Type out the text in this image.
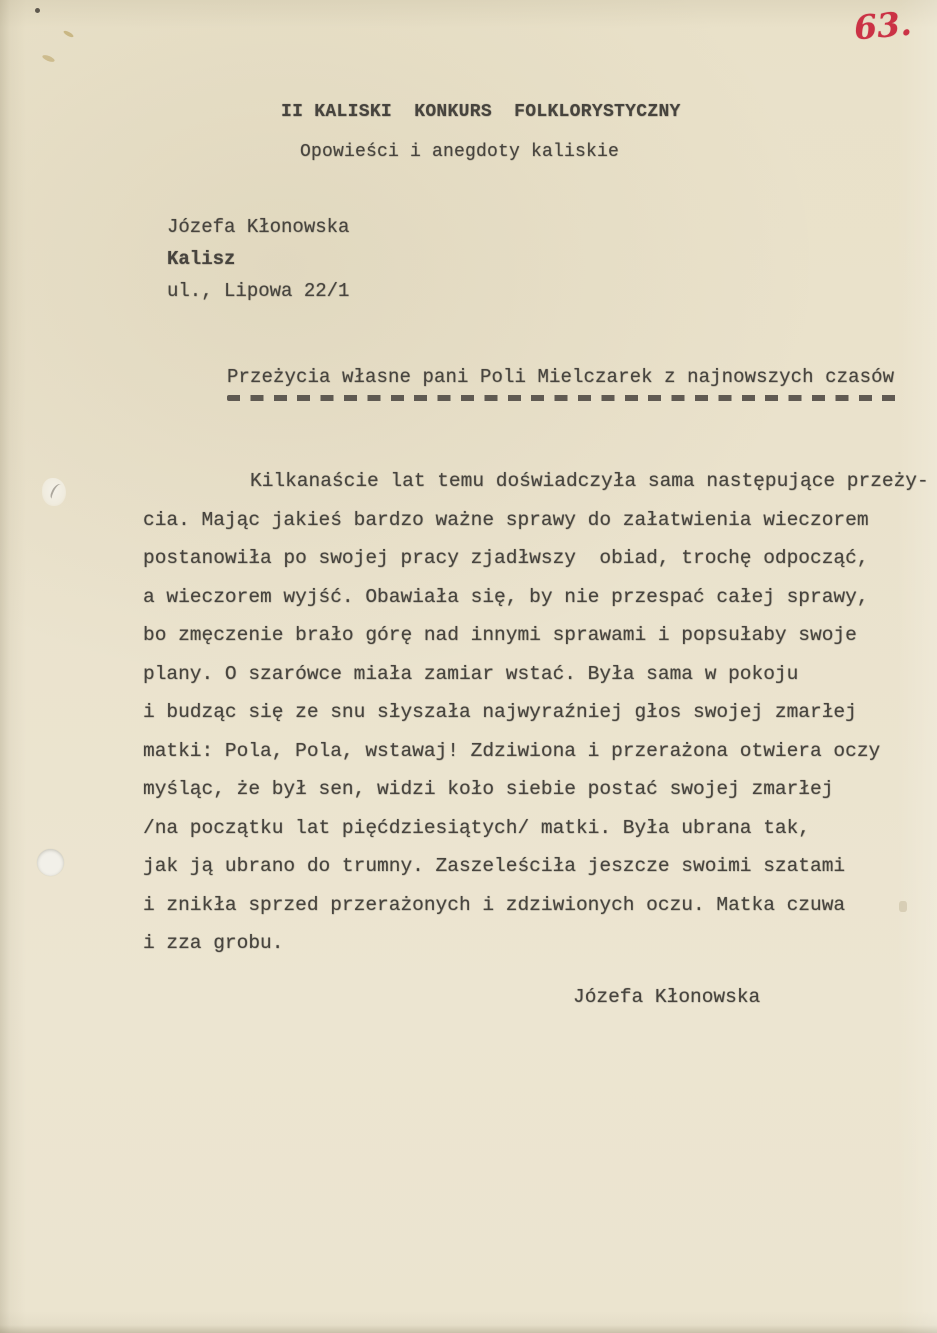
63.
II KALISKI  KONKURS  FOLKLORYSTYCZNY
Opowieści i anegdoty kaliskie
Józefa Kłonowska
Kalisz
ul., Lipowa 22/1
Przeżycia własne pani Poli Mielczarek z najnowszych czasów
Kilkanaście lat temu doświadczyła sama następujące przeży-
cia. Mając jakieś bardzo ważne sprawy do załatwienia wieczorem
postanowiła po swojej pracy zjadłwszy  obiad, trochę odpocząć,
a wieczorem wyjść. Obawiała się, by nie przespać całej sprawy,
bo zmęczenie brało górę nad innymi sprawami i popsułaby swoje
plany. O szarówce miała zamiar wstać. Była sama w pokoju
i budząc się ze snu słyszała najwyraźniej głos swojej zmarłej
matki: Pola, Pola, wstawaj! Zdziwiona i przerażona otwiera oczy
myśląc, że był sen, widzi koło siebie postać swojej zmarłej
/na początku lat pięćdziesiątych/ matki. Była ubrana tak,
jak ją ubrano do trumny. Zaszeleściła jeszcze swoimi szatami
i znikła sprzed przerażonych i zdziwionych oczu. Matka czuwa
i zza grobu.
Józefa Kłonowska
